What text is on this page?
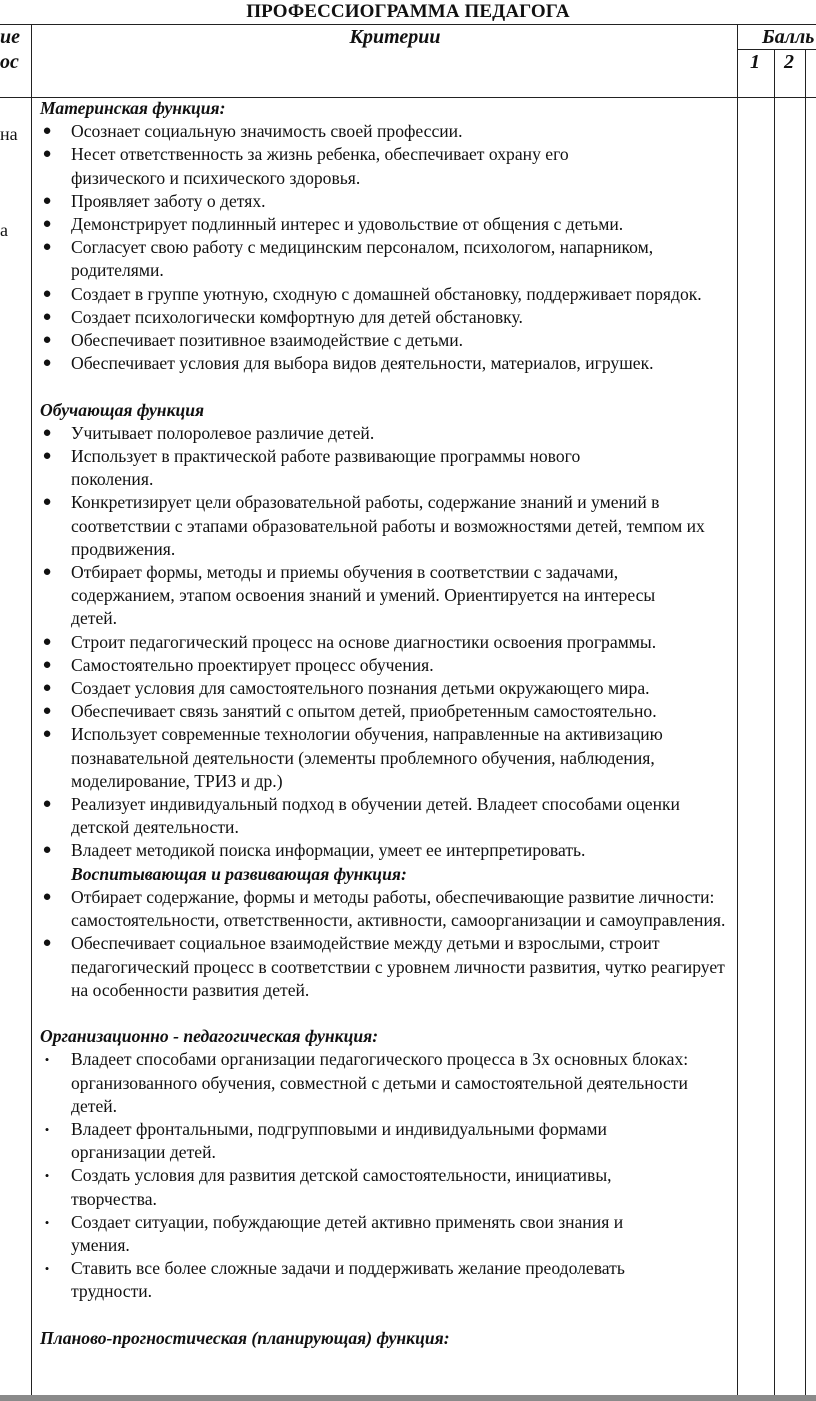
ПРОФЕССИОГРАММА ПЕДАГОГА
ие
ос
Критерии	Балль
1 2
на
а

Материнская функция:

● Осознает социальную значимость своей профессии.
● Несет ответственность за жизнь ребенка, обеспечивает охрану его физического и психического здоровья.
● Проявляет заботу о детях.
● Демонстрирует подлинный интерес и удовольствие от общения с детьми.
● Согласует свою работу с медицинским персоналом, психологом, напарником, родителями.
● Создает в группе уютную, сходную с домашней обстановку, поддерживает порядок.
● Создает психологически комфортную для детей обстановку.
● Обеспечивает позитивное взаимодействие с детьми.
● Обеспечивает условия для выбора видов деятельности, материалов, игрушек.

Обучающая функция

● Учитывает полоролевое различие детей.
● Использует в практической работе развивающие программы нового поколения.
● Конкретизирует цели образовательной работы, содержание знаний и умений в соответствии с этапами образовательной работы и возможностями детей, темпом их продвижения.
● Отбирает формы, методы и приемы обучения в соответствии с задачами, содержанием, этапом освоения знаний и умений. Ориентируется на интересы детей.
● Строит педагогический процесс на основе диагностики освоения программы.
● Самостоятельно проектирует процесс обучения.
● Создает условия для самостоятельного познания детьми окружающего мира.
● Обеспечивает связь занятий с опытом детей, приобретенным самостоятельно.
● Использует современные технологии обучения, направленные на активизацию познавательной деятельности (элементы проблемного обучения, наблюдения, моделирование, ТРИЗ и др.)
● Реализует индивидуальный подход в обучении детей. Владеет способами оценки детской деятельности.
● Владеет методикой поиска информации, умеет ее интерпретировать.

Воспитывающая и развивающая функция:

● Отбирает содержание, формы и методы работы, обеспечивающие развитие личности: самостоятельности, ответственности, активности, самоорганизации и самоуправления.
● Обеспечивает социальное взаимодействие между детьми и взрослыми, строит педагогический процесс в соответствии с уровнем личности развития, чутко реагирует на особенности развития детей.

Организационно - педагогическая функция:

• Владеет способами организации педагогического процесса в 3х основных блоках: организованного обучения, совместной с детьми и самостоятельной деятельности детей.
• Владеет фронтальными, подгрупповыми и индивидуальными формами организации детей.
• Создать условия для развития детской самостоятельности, инициативы, творчества.
• Создает ситуации, побуждающие детей активно применять свои знания и умения.
• Ставить все более сложные задачи и поддерживать желание преодолевать трудности.

Планово-прогностическая (планирующая) функция:
